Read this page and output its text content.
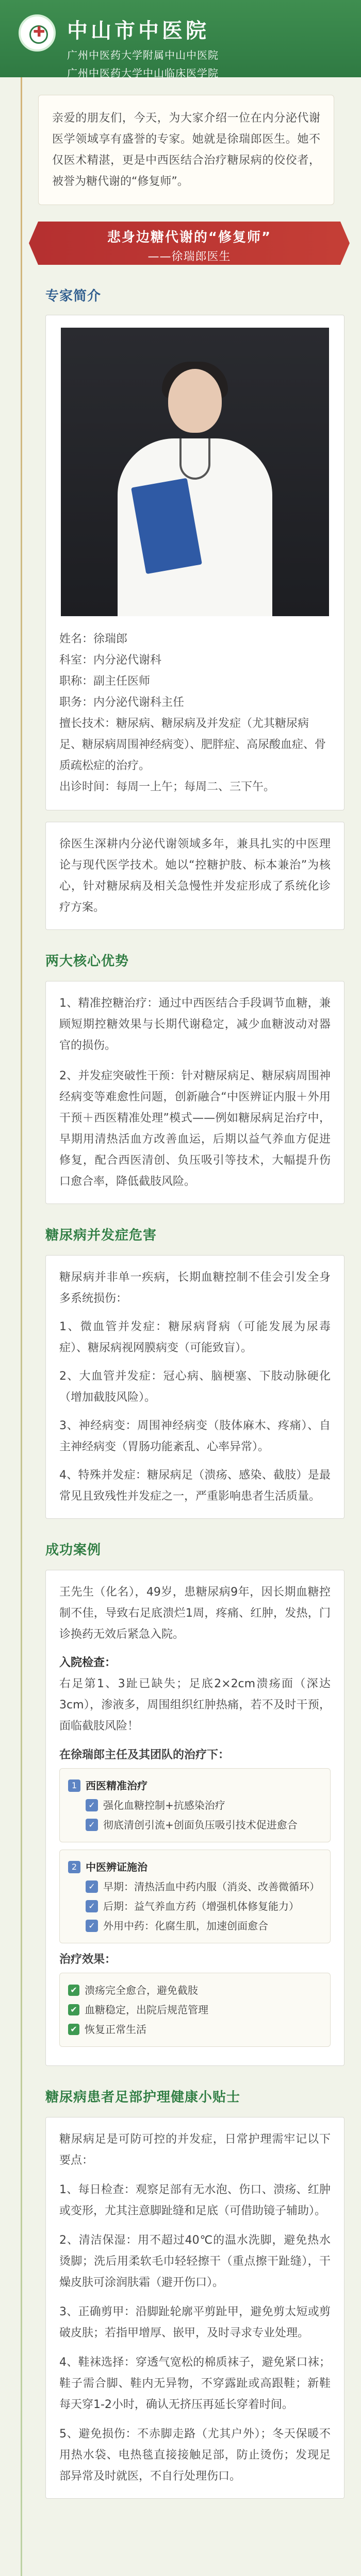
✚
中山市中医院
广州中医药大学附属中山中医院
广州中医药大学中山临床医学院

亲爱的朋友们，今天，为大家介绍一位在内分泌代谢医学领域享有盛誉的专家。她就是徐瑞郎医生。她不仅医术精湛，更是中西医结合治疗糖尿病的佼佼者，被誉为糖代谢的“修复师”。

悲身边糖代谢的“修复师”
——徐瑞郎医生
专家简介
姓名：徐瑞郎
科室：内分泌代谢科
职称：副主任医师
职务：内分泌代谢科主任
擅长技术：糖尿病、糖尿病及并发症（尤其糖尿病足、糖尿病周围神经病变）、肥胖症、高尿酸血症、骨质疏松症的治疗。
出诊时间：每周一上午；每周二、三下午。

徐医生深耕内分泌代谢领域多年，兼具扎实的中医理论与现代医学技术。她以“控糖护肢、标本兼治”为核心，针对糖尿病及相关急慢性并发症形成了系统化诊疗方案。

两大核心优势

1、精准控糖治疗：通过中西医结合手段调节血糖，兼顾短期控糖效果与长期代谢稳定，减少血糖波动对器官的损伤。

2、并发症突破性干预：针对糖尿病足、糖尿病周围神经病变等难愈性问题，创新融合“中医辨证内服＋外用干预＋西医精准处理”模式——例如糖尿病足治疗中，早期用清热活血方改善血运，后期以益气养血方促进修复，配合西医清创、负压吸引等技术，大幅提升伤口愈合率，降低截肢风险。

糖尿病并发症危害

糖尿病并非单一疾病，长期血糖控制不佳会引发全身多系统损伤：

1、微血管并发症：糖尿病肾病（可能发展为尿毒症）、糖尿病视网膜病变（可能致盲）。

2、大血管并发症：冠心病、脑梗塞、下肢动脉硬化（增加截肢风险）。

3、神经病变：周围神经病变（肢体麻木、疼痛）、自主神经病变（胃肠功能紊乱、心率异常）。

4、特殊并发症：糖尿病足（溃疡、感染、截肢）是最常见且致残性并发症之一，严重影响患者生活质量。

成功案例

王先生（化名），49岁，患糖尿病9年，因长期血糖控制不佳，导致右足底溃烂1周，疼痛、红肿，发热，门诊换药无效后紧急入院。

入院检查：

右足第1、3趾已缺失；足底2×2cm溃疡面（深达3cm），渗液多，周围组织红肿热痛，若不及时干预，面临截肢风险！

在徐瑞郎主任及其团队的治疗下：
1 西医精准治疗
✓ 强化血糖控制+抗感染治疗
✓ 彻底清创引流+创面负压吸引技术促进愈合
2 中医辨证施治
✓ 早期：清热活血中药内服（消炎、改善微循环）
✓ 后期：益气养血方药（增强机体修复能力）
✓ 外用中药：化腐生肌，加速创面愈合
治疗效果：
✔ 溃疡完全愈合，避免截肢
✔ 血糖稳定，出院后规范管理
✔ 恢复正常生活
糖尿病患者足部护理健康小贴士

糖尿病足是可防可控的并发症，日常护理需牢记以下要点：

1、每日检查：观察足部有无水泡、伤口、溃疡、红肿或变形，尤其注意脚趾缝和足底（可借助镜子辅助）。

2、清洁保湿：用不超过40℃的温水洗脚，避免热水烫脚；洗后用柔软毛巾轻轻擦干（重点擦干趾缝），干燥皮肤可涂润肤霜（避开伤口）。

3、正确剪甲：沿脚趾轮廓平剪趾甲，避免剪太短或剪破皮肤；若指甲增厚、嵌甲，及时寻求专业处理。

4、鞋袜选择：穿透气宽松的棉质袜子，避免紧口袜；鞋子需合脚、鞋内无异物，不穿露趾或高跟鞋；新鞋每天穿1-2小时，确认无挤压再延长穿着时间。

5、避免损伤：不赤脚走路（尤其户外）；冬天保暖不用热水袋、电热毯直接接触足部，防止烫伤；发现足部异常及时就医，不自行处理伤口。
